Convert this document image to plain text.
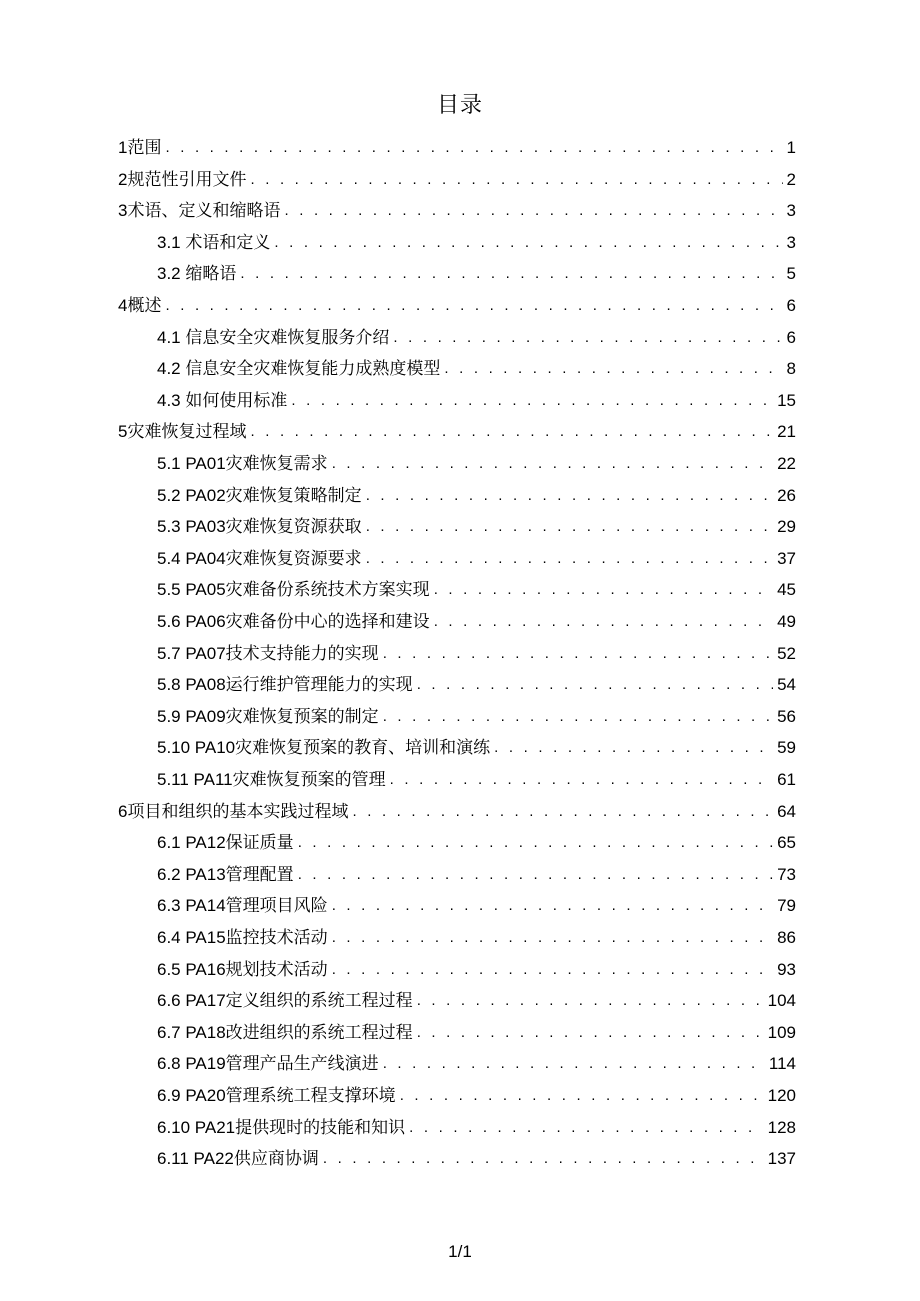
目录
1范围 . . .	1
2规范性引用文件 . . .	2
3术语、定义和缩略语 . . .	3
3.1 术语和定义 . . .	3
3.2 缩略语 . . .	5
4概述 . . .	6
4.1 信息安全灾难恢复服务介绍 . . .	6
4.2 信息安全灾难恢复能力成熟度模型 . . .	8
4.3 如何使用标准 . . .	15
5灾难恢复过程域 . . .	21
5.1 PA01灾难恢复需求 . . .	22
5.2 PA02灾难恢复策略制定 . . .	26
5.3 PA03灾难恢复资源获取 . . .	29
5.4 PA04灾难恢复资源要求 . . .	37
5.5 PA05灾难备份系统技术方案实现 . . .	45
5.6 PA06灾难备份中心的选择和建设 . . .	49
5.7 PA07技术支持能力的实现 . . .	52
5.8 PA08运行维护管理能力的实现 . . .	54
5.9 PA09灾难恢复预案的制定 . . .	56
5.10 PA10灾难恢复预案的教育、培训和演练 . . .	59
5.11 PA11灾难恢复预案的管理 . . .	61
6项目和组织的基本实践过程域 . . .	64
6.1 PA12保证质量 . . .	65
6.2 PA13管理配置 . . .	73
6.3 PA14管理项目风险 . . .	79
6.4 PA15监控技术活动 . . .	86
6.5 PA16规划技术活动 . . .	93
6.6 PA17定义组织的系统工程过程 . . .	104
6.7 PA18改进组织的系统工程过程 . . .	109
6.8 PA19管理产品生产线演进 . . .	114
6.9 PA20管理系统工程支撑环境 . . .	120
6.10 PA21提供现时的技能和知识 . . .	128
6.11 PA22供应商协调 . . .	137
1/1
